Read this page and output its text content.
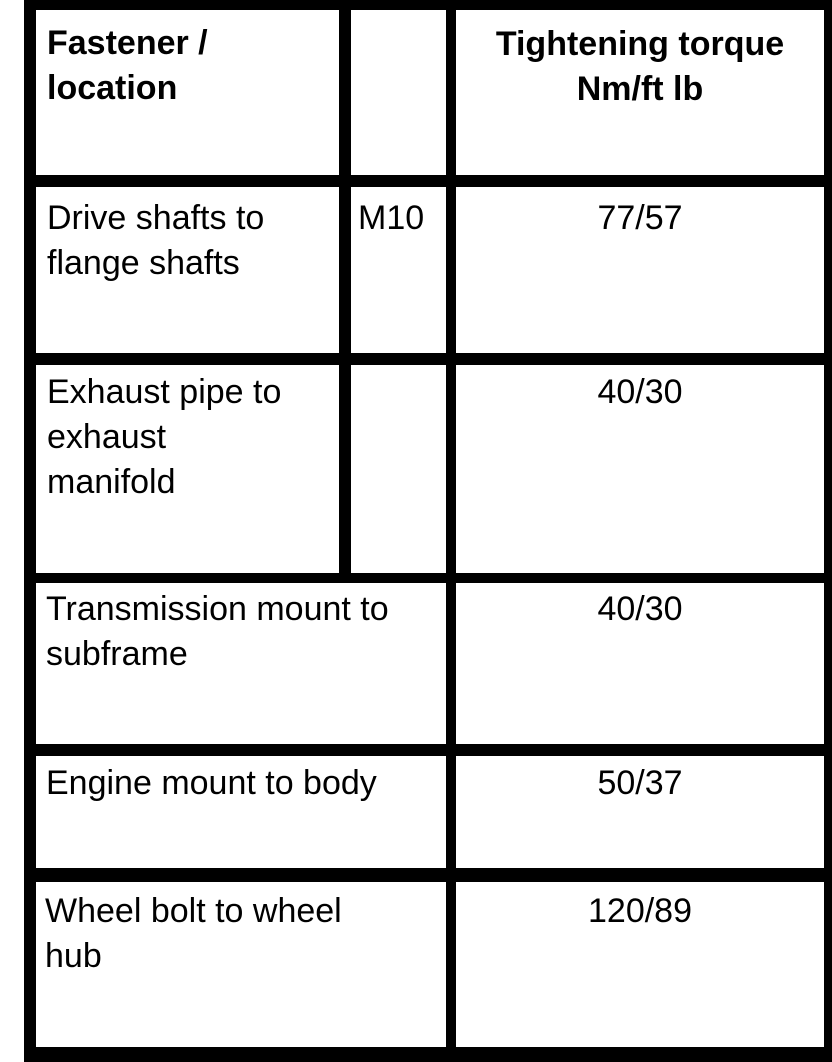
Fastener /
location
Tightening torque
Nm/ft lb
Drive shafts to
flange shafts
M10	77/57
Exhaust pipe to
exhaust
manifold
40/30
Transmission mount to
subframe
40/30
Engine mount to body	50/37
Wheel bolt to wheel
hub
120/89
